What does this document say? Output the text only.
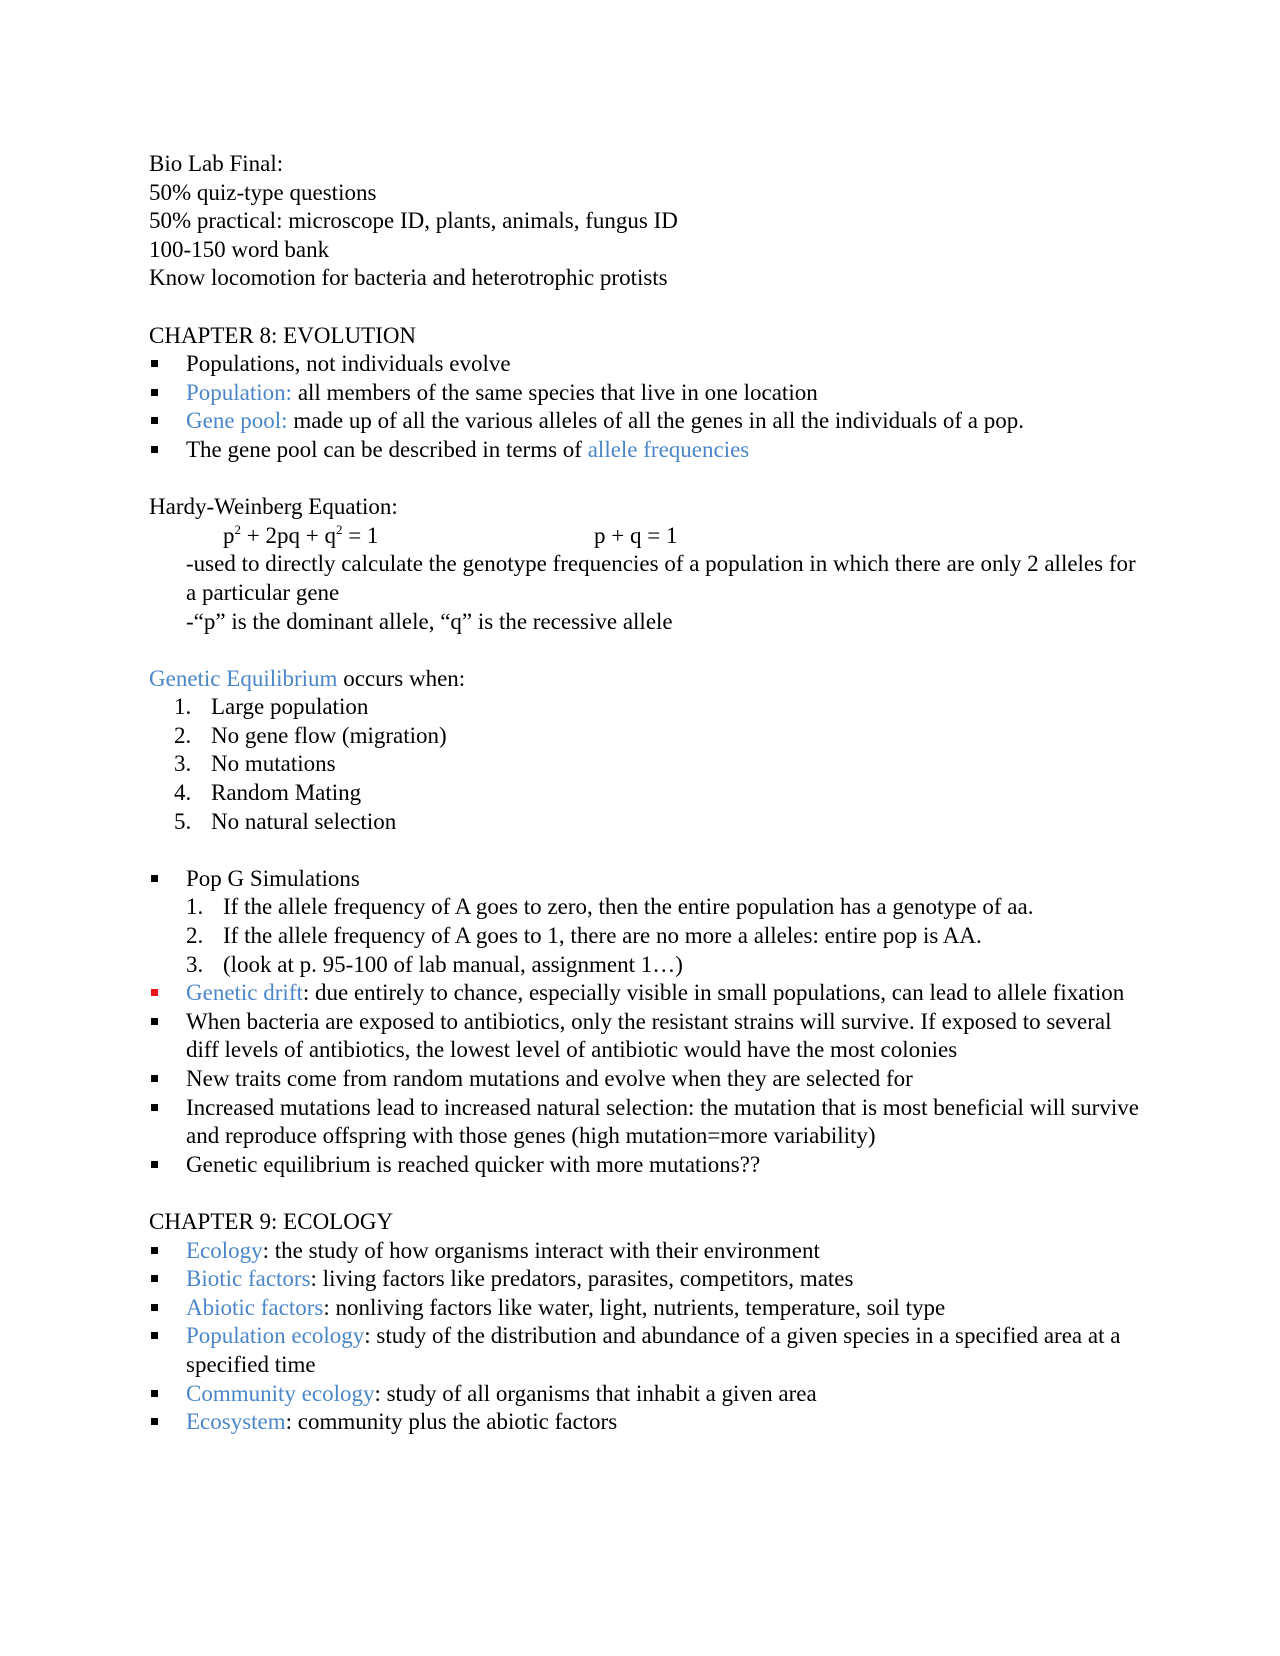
Bio Lab Final:
50% quiz-type questions
50% practical: microscope ID, plants, animals, fungus ID
100-150 word bank
Know locomotion for bacteria and heterotrophic protists
CHAPTER 8: EVOLUTION
Populations, not individuals evolve
Population: all members of the same species that live in one location
Gene pool: made up of all the various alleles of all the genes in all the individuals of a pop.
The gene pool can be described in terms of allele frequencies
Hardy-Weinberg Equation:
$p^2 + 2pq + q^2 = 1$	p + q = 1
-used to directly calculate the genotype frequencies of a population in which there are only 2 alleles for a particular gene
-“p” is the dominant allele, “q” is the recessive allele
Genetic Equilibrium occurs when:
1. Large population
2. No gene flow (migration)
3. No mutations
4. Random Mating
5. No natural selection
Pop G Simulations
1. If the allele frequency of A goes to zero, then the entire population has a genotype of aa.
2. If the allele frequency of A goes to 1, there are no more a alleles: entire pop is AA.
3. (look at p. 95-100 of lab manual, assignment 1…)
Genetic drift: due entirely to chance, especially visible in small populations, can lead to allele fixation
When bacteria are exposed to antibiotics, only the resistant strains will survive. If exposed to several diff levels of antibiotics, the lowest level of antibiotic would have the most colonies
New traits come from random mutations and evolve when they are selected for
Increased mutations lead to increased natural selection: the mutation that is most beneficial will survive and reproduce offspring with those genes (high mutation=more variability)
Genetic equilibrium is reached quicker with more mutations??
CHAPTER 9: ECOLOGY
Ecology: the study of how organisms interact with their environment
Biotic factors: living factors like predators, parasites, competitors, mates
Abiotic factors: nonliving factors like water, light, nutrients, temperature, soil type
Population ecology: study of the distribution and abundance of a given species in a specified area at a specified time
Community ecology: study of all organisms that inhabit a given area
Ecosystem: community plus the abiotic factors
